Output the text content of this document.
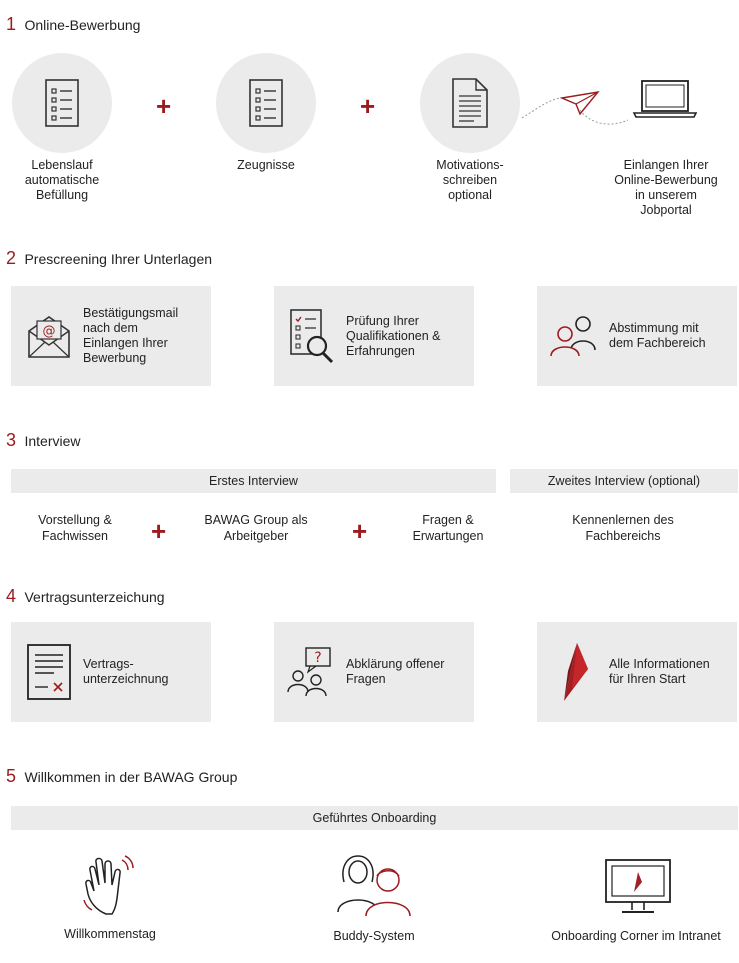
1 Online-Bewerbung
+	+
Lebenslauf
automatische
Befüllung
Zeugnisse	Motivations-
schreiben
optional
Einlangen Ihrer
Online-Bewerbung
in unserem
Jobportal
2 Prescreening Ihrer Unterlagen
@
Bestätigungsmail
nach dem
Einlangen Ihrer
Bewerbung
Prüfung Ihrer
Qualifikationen &
Erfahrungen
Abstimmung mit
dem Fachbereich
3 Interview
Erstes Interview	Zweites Interview (optional)
Vorstellung &
Fachwissen	+	BAWAG Group als
Arbeitgeber	+	Fragen &
Erwartungen
Kennenlernen des
Fachbereichs
4 Vertragsunterzeichung
Vertrags-
unterzeichnung
? Abklärung offener
Fragen
Alle Informationen
für Ihren Start
5 Willkommen in der BAWAG Group
Geführtes Onboarding
Willkommenstag	Buddy-System	Onboarding Corner im Intranet
